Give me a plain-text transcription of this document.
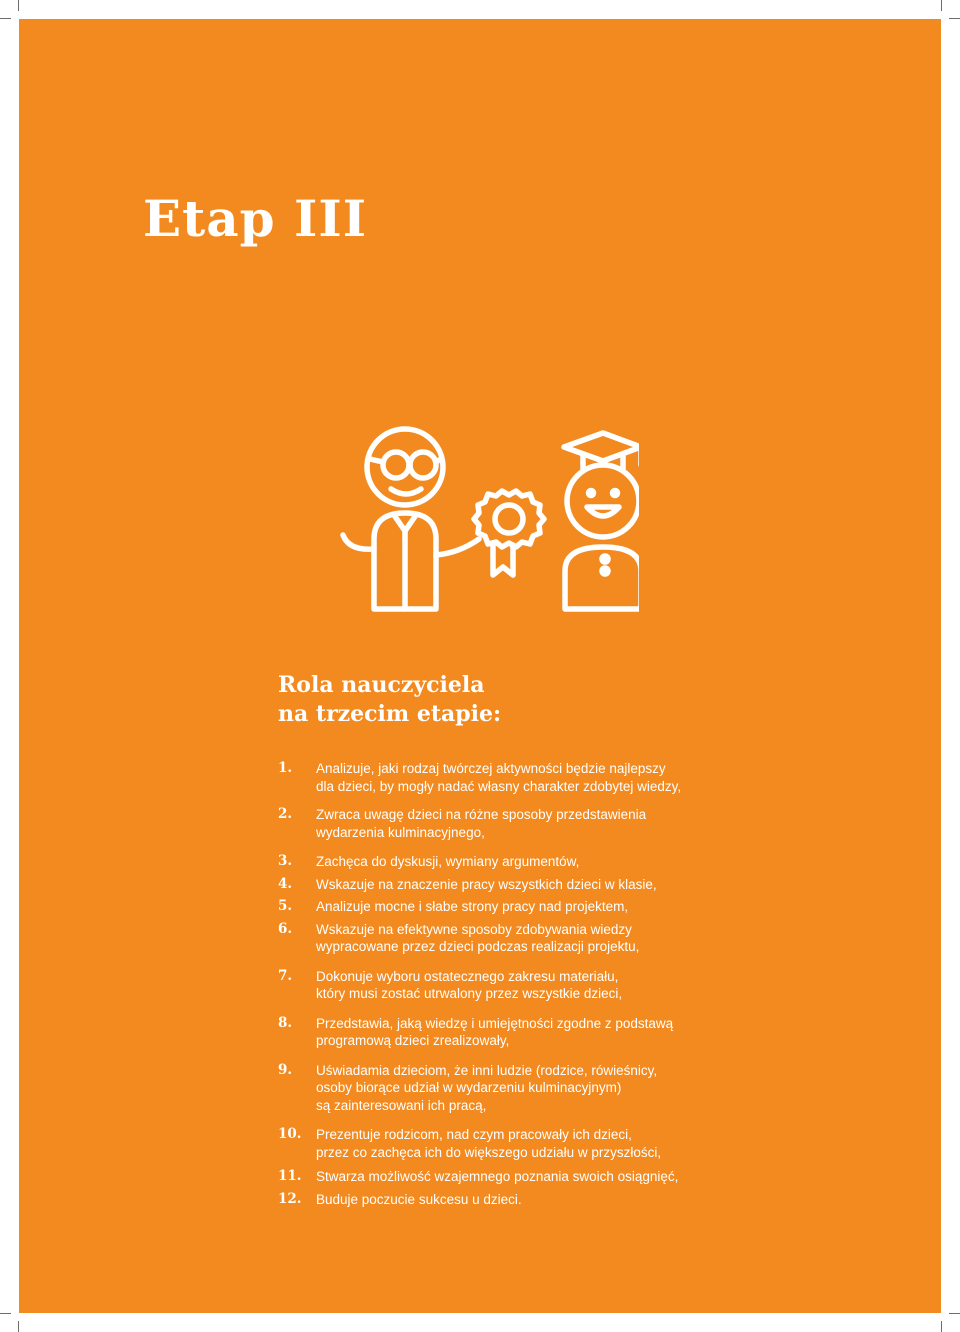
Etap III
Rola nauczyciela
na trzecim etapie:
1. Analizuje, jaki rodzaj twórczej aktywności będzie najlepszy
dla dzieci, by mogły nadać własny charakter zdobytej wiedzy,
2. Zwraca uwagę dzieci na różne sposoby przedstawienia
wydarzenia kulminacyjnego,
3. Zachęca do dyskusji, wymiany argumentów,
4. Wskazuje na znaczenie pracy wszystkich dzieci w klasie,
5. Analizuje mocne i słabe strony pracy nad projektem,
6. Wskazuje na efektywne sposoby zdobywania wiedzy
wypracowane przez dzieci podczas realizacji projektu,
7. Dokonuje wyboru ostatecznego zakresu materiału,
który musi zostać utrwalony przez wszystkie dzieci,
8. Przedstawia, jaką wiedzę i umiejętności zgodne z podstawą
programową dzieci zrealizowały,
9. Uświadamia dzieciom, że inni ludzie (rodzice, rówieśnicy,
osoby biorące udział w wydarzeniu kulminacyjnym)
są zainteresowani ich pracą,
10. Prezentuje rodzicom, nad czym pracowały ich dzieci,
przez co zachęca ich do większego udziału w przyszłości,
11. Stwarza możliwość wzajemnego poznania swoich osiągnięć,
12. Buduje poczucie sukcesu u dzieci.
